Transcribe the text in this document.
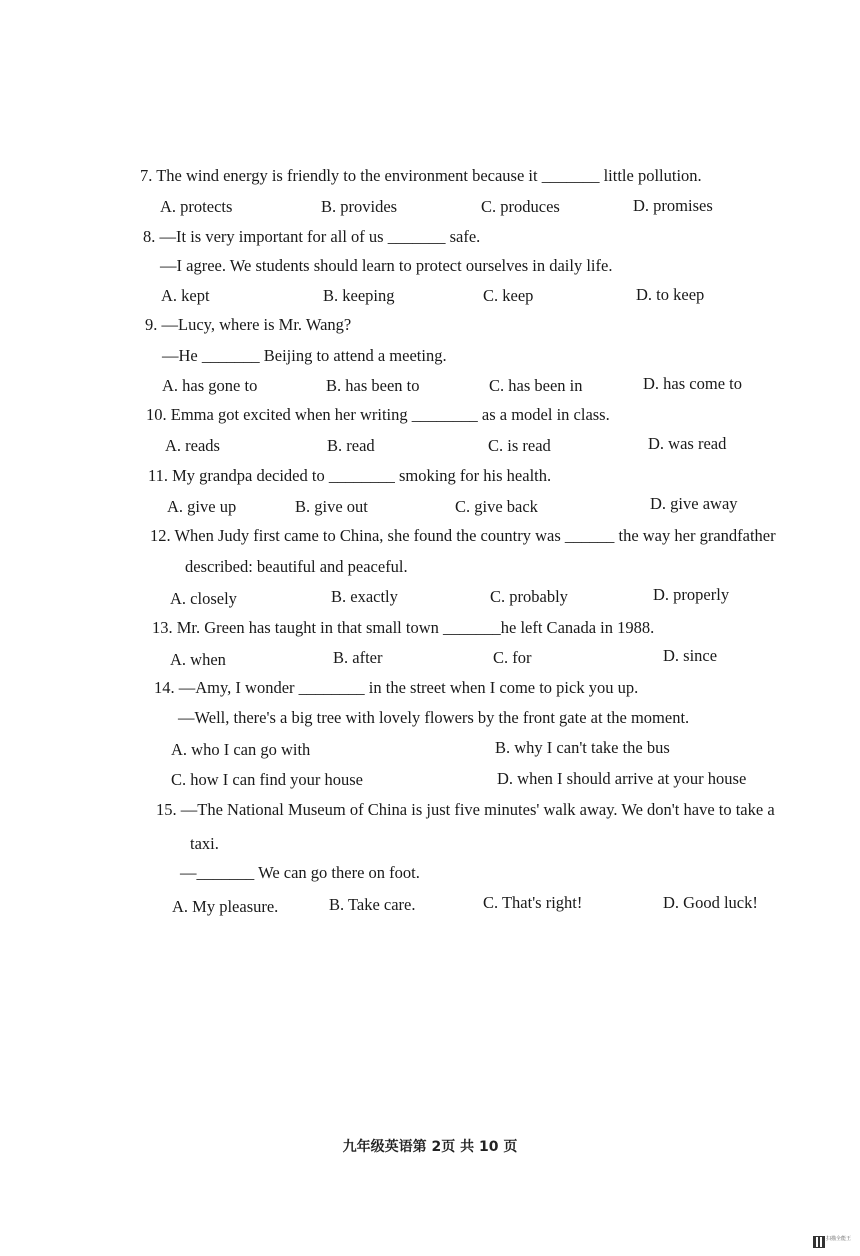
7. The wind energy is friendly to the environment because it _______ little pollution.
A. protects	B. provides	C. produces	D. promises
8. —It is very important for all of us _______ safe.
—I agree. We students should learn to protect ourselves in daily life.
A. kept	B. keeping	C. keep	D. to keep
9. —Lucy, where is Mr. Wang?
—He _______ Beijing to attend a meeting.
A. has gone to	B. has been to	C. has been in	D. has come to
10. Emma got excited when her writing ________ as a model in class.
A. reads	B. read	C. is read	D. was read
11. My grandpa decided to ________ smoking for his health.
A. give up	B. give out	C. give back	D. give away
12. When Judy first came to China, she found the country was ______ the way her grandfather
described: beautiful and peaceful.
A. closely	B. exactly	C. probably	D. properly
13. Mr. Green has taught in that small town _______he left Canada in 1988.
A. when	B. after	C. for	D. since
14. —Amy, I wonder ________ in the street when I come to pick you up.
—Well, there's a big tree with lovely flowers by the front gate at the moment.
A. who I can go with	B. why I can't take the bus
C. how I can find your house	D. when I should arrive at your house
15. —The National Museum of China is just five minutes' walk away. We don't have to take a
taxi.
—_______ We can go there on foot.
A. My pleasure.	B. Take care.	C. That's right!	D. Good luck!
九年级英语第 2页 共 10 页
扫描全能王
